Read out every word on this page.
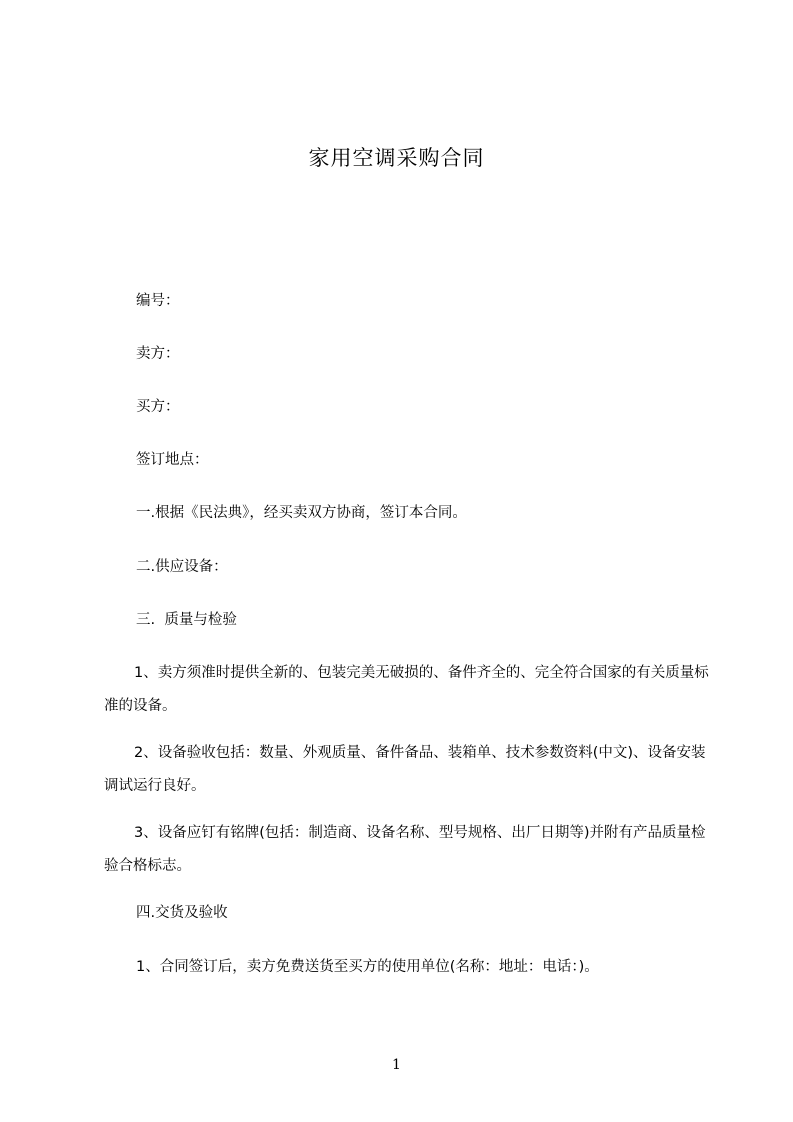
家用空调采购合同
编号：
卖方：
买方：
签订地点：
一.根据《民法典》，经买卖双方协商，签订本合同。
二.供应设备：
三.  质量与检验
1、卖方须准时提供全新的、包装完美无破损的、备件齐全的、完全符合国家的有关质量标准的设备。
2、设备验收包括：数量、外观质量、备件备品、装箱单、技术参数资料(中文)、设备安装调试运行良好。
3、设备应钉有铭牌(包括：制造商、设备名称、型号规格、出厂日期等)并附有产品质量检验合格标志。
四.交货及验收
1、合同签订后，卖方免费送货至买方的使用单位(名称：地址：电话：)。
1
